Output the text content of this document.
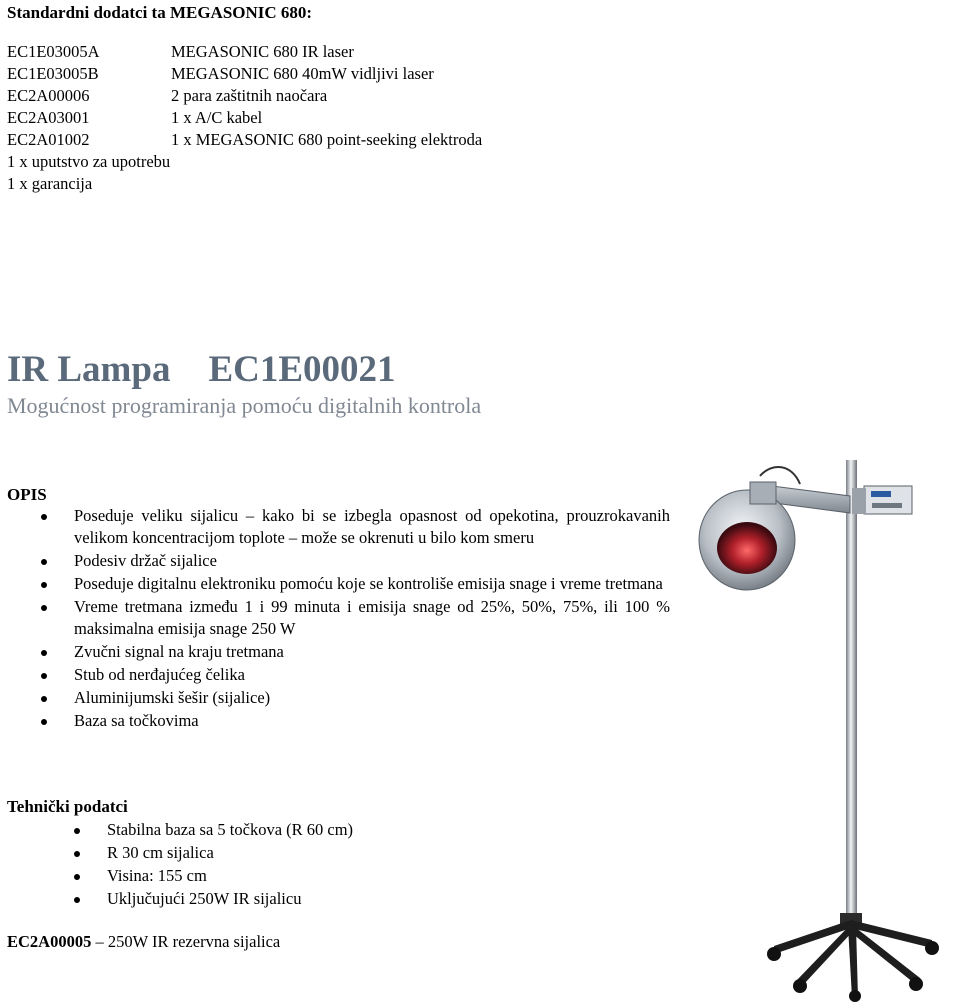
Standardni dodatci ta MEGASONIC 680:
EC1E03005A	MEGASONIC 680 IR laser
EC1E03005B	MEGASONIC 680 40mW vidljivi laser
EC2A00006	2 para zaštitnih naočara
EC2A03001	1 x A/C kabel
EC2A01002	1 x MEGASONIC 680 point-seeking elektroda
1 x uputstvo za upotrebu
1 x garancija
IR Lampa EC1E00021
Mogućnost programiranja pomoću digitalnih kontrola
OPIS
Poseduje veliku sijalicu – kako bi se izbegla opasnost od opekotina, prouzrokavanih velikom koncentracijom toplote – može se okrenuti u bilo kom smeru
Podesiv držač sijalice
Poseduje digitalnu elektroniku pomoću koje se kontroliše emisija snage i vreme tretmana
Vreme tretmana između 1 i 99 minuta i emisija snage od 25%, 50%, 75%, ili 100 % maksimalna emisija snage 250 W
Zvučni signal na kraju tretmana
Stub od nerđajućeg čelika
Aluminijumski šešir (sijalice)
Baza sa točkovima
Tehnički podatci
Stabilna baza sa 5 točkova (R 60 cm)
R 30 cm sijalica
Visina: 155 cm
Uključujući 250W IR sijalicu
EC2A00005 – 250W IR rezervna sijalica
